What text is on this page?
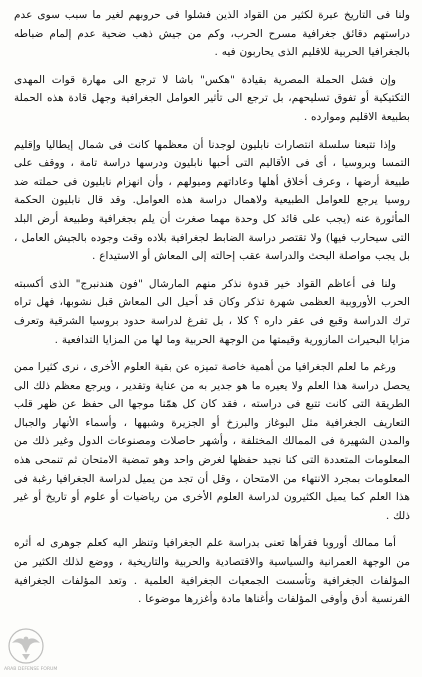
ولنا فى التاريخ عبرة لكثير من القواد الذين فشلوا فى حروبهم لغير ما سبب سوى عدم دراستهم دقائق جغرافية مسرح الحرب، وكم من جيش ذهب ضحية عدم إلمام ضباطه بالجغرافيا الحربية للاقليم الذى يحاربون فيه .

وإن فشل الحملة المصرية بقيادة "هكس" باشا لا ترجع الى مهارة قوات المهدى التكتيكية أو تفوق تسليحهم، بل ترجع الى تأثير العوامل الجغرافية وجهل قادة هذه الحملة بطبيعة الاقليم وموارده .

وإذا تتبعنا سلسلة انتصارات نابليون لوجدنا أن معظمها كانت فى شمال إيطاليا وإقليم التمسا وبروسيا ، أى فى الأقاليم التى أحبها نابليون ودرسها دراسة تامة ، ووقف على طبيعة أرضها ، وعرف أخلاق أهلها وعاداتهم وميولهم ، وأن انهزام نابليون فى حملته ضد روسيا يرجع للعوامل الطبيعية ولاهمال دراسة هذه العوامل. وقد قال نابليون الحكمة المأثورة عنه (يجب على قائد كل وحدة مهما صغرت أن يلم بجغرافية وطبيعة أرض البلد التى سيحارب فيها) ولا تقتصر دراسة الضابط لجغرافية بلاده وقت وجوده بالجيش العامل ، بل يجب مواصلة البحث والدراسة عقب إحالته إلى المعاش أو الاستيداع .

ولنا فى أعاظم القواد خير قدوة نذكر منهم المارشال "فون هندنبرج" الذى أكسبته الحرب الأوروبية العظمى شهرة تذكر وكان قد أحيل الى المعاش قبل نشوبها، فهل تراه ترك الدراسة وقبع فى عقر داره ؟ كلا ، بل تفرغ لدراسة حدود بروسيا الشرقية وتعرف مزايا البحيرات المازورية وقيمتها من الوجهة الحربية وما لها من المزايا التدافعية .

ورغم ما لعلم الجغرافيا من أهمية خاصة تميزه عن بقية العلوم الأخرى ، نرى كثيرا ممن يحصل دراسة هذا العلم ولا يعيره ما هو جدير به من عناية وتقدير ، ويرجع معظم ذلك الى الطريقة التى كانت تتبع فى دراسته ، فقد كان كل همّنا موجها الى حفظ عن ظهر قلب التعاريف الجغرافية مثل البوغاز والبرزخ أو الجزيرة وشبهها ، وأسماء الأنهار والجبال والمدن الشهيرة فى الممالك المختلفة ، وأشهر حاصلات ومصنوعات الدول وغير ذلك من المعلومات المتعددة التى كنا نجيد حفظها لغرض واحد وهو تمضية الامتحان ثم تنمحى هذه المعلومات بمجرد الانتهاء من الامتحان ، وقل أن تجد من يميل لدراسة الجغرافيا رغبة فى هذا العلم كما يميل الكثيرون لدراسة العلوم الأخرى من رياضيات أو علوم أو تاريخ أو غير ذلك .

أما ممالك أوروبا فقرأها تعنى بدراسة علم الجغرافيا وتنظر اليه كعلم جوهرى له أثره من الوجهة العمرانية والسياسية والاقتصادية والحربية والتاريخية ، ووضع لذلك الكثير من المؤلفات الجغرافية وتأسست الجمعيات الجغرافية العلمية . وتعد المؤلفات الجغرافية الفرنسية أدق وأوفى المؤلفات وأغناها مادة وأغزرها موضوعا .

ARAB DEFENSE FORUM
